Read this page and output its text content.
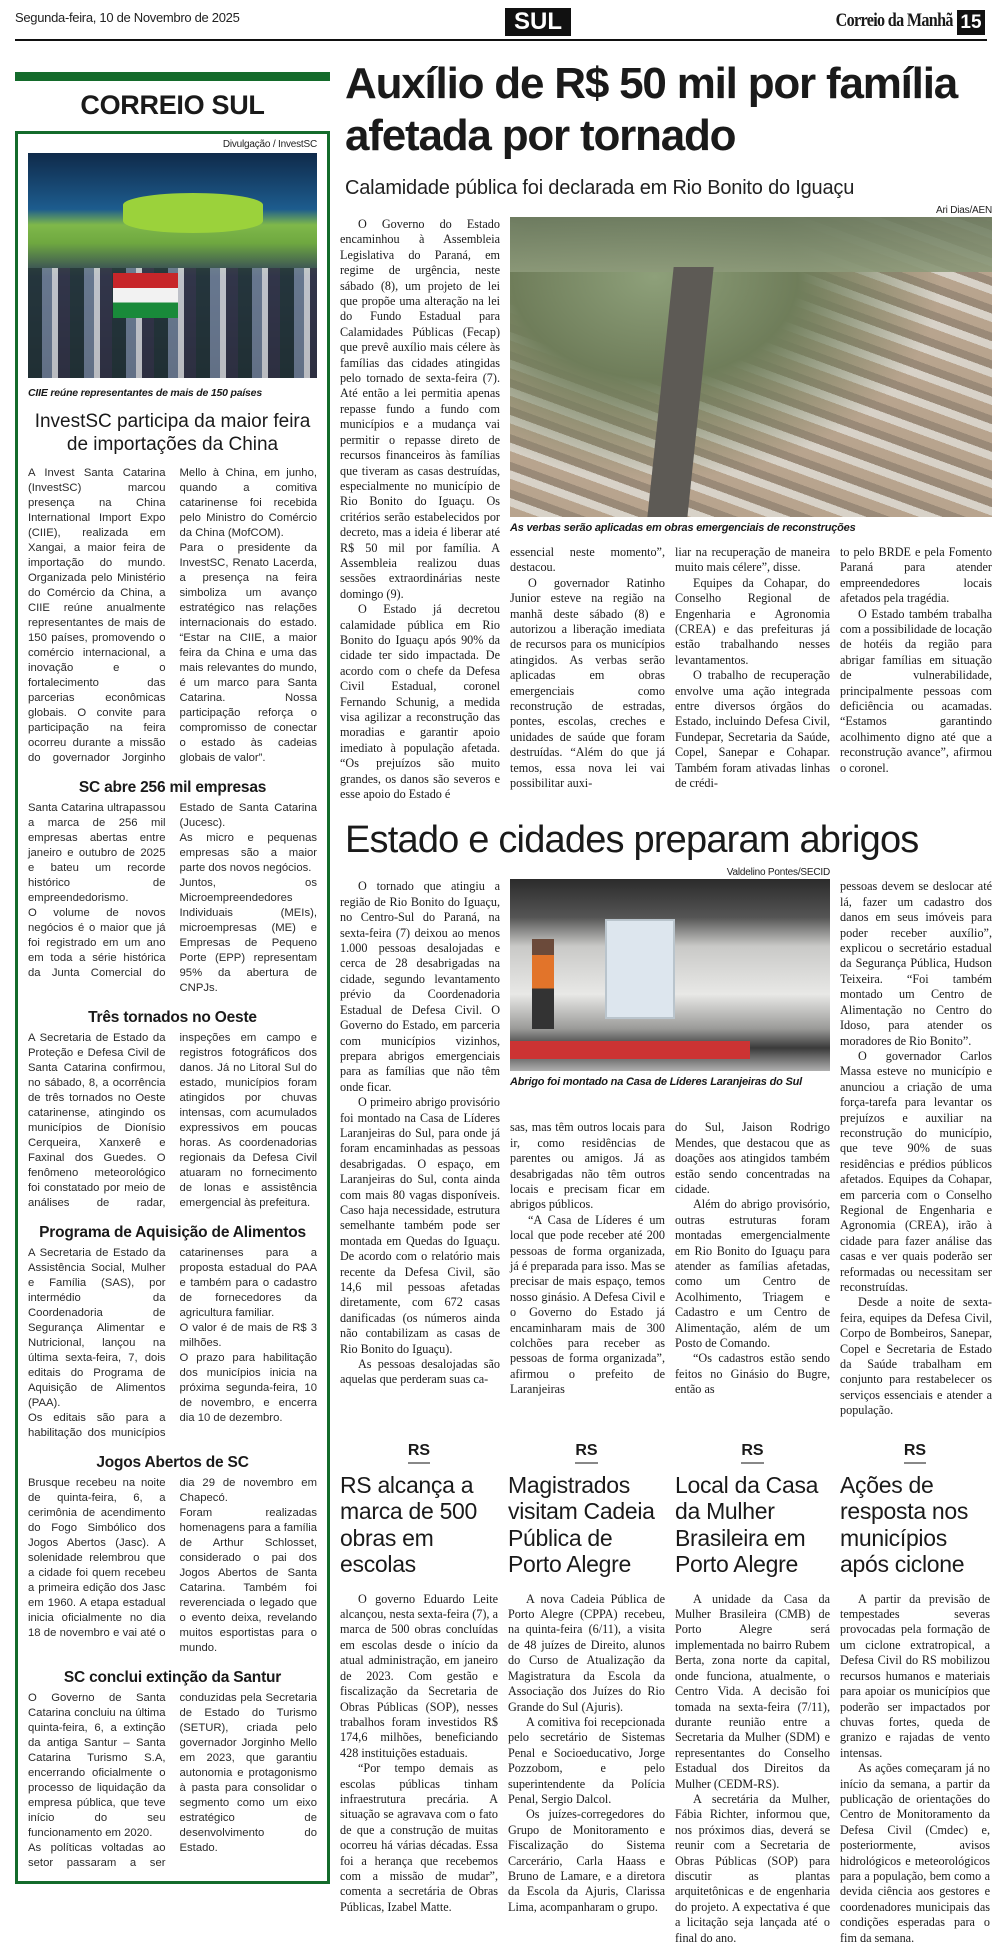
Segunda-feira, 10 de Novembro de 2025	SUL	Correio da Manhã 15
CORREIO SUL
Divulgação / InvestSC
CIIE reúne representantes de mais de 150 países
InvestSC participa da maior feira de importações da China

A Invest Santa Catarina (InvestSC) marcou presença na China International Import Expo (CIIE), realizada em Xangai, a maior feira de importação do mundo. Organizada pelo Ministério do Comércio da China, a CIIE reúne anualmente representantes de mais de 150 países, promovendo o comércio internacional, a inovação e o fortalecimento das parcerias econômicas globais. O convite para participação na feira ocorreu durante a missão do governador Jorginho Mello à China, em junho, quando a comitiva catarinense foi recebida pelo Ministro do Comércio da China (MofCOM).

Para o presidente da InvestSC, Renato Lacerda, a presença na feira simboliza um avanço estratégico nas relações internacionais do estado. “Estar na CIIE, a maior feira da China e uma das mais relevantes do mundo, é um marco para Santa Catarina. Nossa participação reforça o compromisso de conectar o estado às cadeias globais de valor”.

SC abre 256 mil empresas

Santa Catarina ultrapassou a marca de 256 mil empresas abertas entre janeiro e outubro de 2025 e bateu um recorde histórico de empreendedorismo.

O volume de novos negócios é o maior que já foi registrado em um ano em toda a série histórica da Junta Comercial do Estado de Santa Catarina (Jucesc).

As micro e pequenas empresas são a maior parte dos novos negócios.

Juntos, os Microempreendedores Individuais (MEIs), microempresas (ME) e Empresas de Pequeno Porte (EPP) representam 95% da abertura de CNPJs.

Três tornados no Oeste

A Secretaria de Estado da Proteção e Defesa Civil de Santa Catarina confirmou, no sábado, 8, a ocorrência de três tornados no Oeste catarinense, atingindo os municípios de Dionísio Cerqueira, Xanxerê e Faxinal dos Guedes. O fenômeno meteorológico foi constatado por meio de análises de radar, inspeções em campo e registros fotográficos dos danos. Já no Litoral Sul do estado, municípios foram atingidos por chuvas intensas, com acumulados expressivos em poucas horas. As coordenadorias regionais da Defesa Civil atuaram no fornecimento de lonas e assistência emergencial às prefeitura.

Programa de Aquisição de Alimentos

A Secretaria de Estado da Assistência Social, Mulher e Família (SAS), por intermédio da Coordenadoria de Segurança Alimentar e Nutricional, lançou na última sexta-feira, 7, dois editais do Programa de Aquisição de Alimentos (PAA).

Os editais são para a habilitação dos municípios catarinenses para a proposta estadual do PAA e também para o cadastro de fornecedores da agricultura familiar.

O valor é de mais de R$ 3 milhões.

O prazo para habilitação dos municípios inicia na próxima segunda-feira, 10 de novembro, e encerra dia 10 de dezembro.

Jogos Abertos de SC

Brusque recebeu na noite de quinta-feira, 6, a cerimônia de acendimento do Fogo Simbólico dos Jogos Abertos (Jasc). A solenidade relembrou que a cidade foi quem recebeu a primeira edição dos Jasc em 1960. A etapa estadual inicia oficialmente no dia 18 de novembro e vai até o dia 29 de novembro em Chapecó.

Foram realizadas homenagens para a família de Arthur Schlosset, considerado o pai dos Jogos Abertos de Santa Catarina. Também foi reverenciada o legado que o evento deixa, revelando muitos esportistas para o mundo.

SC conclui extinção da Santur

O Governo de Santa Catarina concluiu na última quinta-feira, 6, a extinção da antiga Santur – Santa Catarina Turismo S.A, encerrando oficialmente o processo de liquidação da empresa pública, que teve início do seu funcionamento em 2020.

As políticas voltadas ao setor passaram a ser conduzidas pela Secretaria de Estado do Turismo (SETUR), criada pelo governador Jorginho Mello em 2023, que garantiu autonomia e protagonismo à pasta para consolidar o segmento como um eixo estratégico de desenvolvimento do Estado.

Auxílio de R$ 50 mil por família afetada por tornado
Calamidade pública foi declarada em Rio Bonito do Iguaçu

O Governo do Estado encaminhou à Assembleia Legislativa do Paraná, em regime de urgência, neste sábado (8), um projeto de lei que propõe uma alteração na lei do Fundo Estadual para Calamidades Públicas (Fecap) que prevê auxílio mais célere às famílias das cidades atingidas pelo tornado de sexta-feira (7). Até então a lei permitia apenas repasse fundo a fundo com municípios e a mudança vai permitir o repasse direto de recursos financeiros às famílias que tiveram as casas destruídas, especialmente no município de Rio Bonito do Iguaçu. Os critérios serão estabelecidos por decreto, mas a ideia é liberar até R$ 50 mil por família. A Assembleia realizou duas sessões extraordinárias neste domingo (9).

O Estado já decretou calamidade pública em Rio Bonito do Iguaçu após 90% da cidade ter sido impactada. De acordo com o chefe da Defesa Civil Estadual, coronel Fernando Schunig, a medida visa agilizar a reconstrução das moradias e garantir apoio imediato à população afetada. “Os prejuízos são muito grandes, os danos são severos e esse apoio do Estado é

Ari Dias/AEN
As verbas serão aplicadas em obras emergenciais de reconstruções

essencial neste momento”, destacou.

O governador Ratinho Junior esteve na região na manhã deste sábado (8) e autorizou a liberação imediata de recursos para os municípios atingidos. As verbas serão aplicadas em obras emergenciais como reconstrução de estradas, pontes, escolas, creches e unidades de saúde que foram destruídas. “Além do que já temos, essa nova lei vai possibilitar auxi-

liar na recuperação de maneira muito mais célere”, disse.

Equipes da Cohapar, do Conselho Regional de Engenharia e Agronomia (CREA) e das prefeituras já estão trabalhando nesses levantamentos.

O trabalho de recuperação envolve uma ação integrada entre diversos órgãos do Estado, incluindo Defesa Civil, Fundepar, Secretaria da Saúde, Copel, Sanepar e Cohapar. Também foram ativadas linhas de crédi-

to pelo BRDE e pela Fomento Paraná para atender empreendedores locais afetados pela tragédia.

O Estado também trabalha com a possibilidade de locação de hotéis da região para abrigar famílias em situação de vulnerabilidade, principalmente pessoas com deficiência ou acamadas. “Estamos garantindo acolhimento digno até que a reconstrução avance”, afirmou o coronel.

Estado e cidades preparam abrigos

O tornado que atingiu a região de Rio Bonito do Iguaçu, no Centro-Sul do Paraná, na sexta-feira (7) deixou ao menos 1.000 pessoas desalojadas e cerca de 28 desabrigadas na cidade, segundo levantamento prévio da Coordenadoria Estadual de Defesa Civil. O Governo do Estado, em parceria com municípios vizinhos, prepara abrigos emergenciais para as famílias que não têm onde ficar.

O primeiro abrigo provisório foi montado na Casa de Líderes Laranjeiras do Sul, para onde já foram encaminhadas as pessoas desabrigadas. O espaço, em Laranjeiras do Sul, conta ainda com mais 80 vagas disponíveis. Caso haja necessidade, estrutura semelhante também pode ser montada em Quedas do Iguaçu. De acordo com o relatório mais recente da Defesa Civil, são 14,6 mil pessoas afetadas diretamente, com 672 casas danificadas (os números ainda não contabilizam as casas de Rio Bonito do Iguaçu).

As pessoas desalojadas são aquelas que perderam suas ca-

Valdelino Pontes/SECID
Abrigo foi montado na Casa de Líderes Laranjeiras do Sul

pessoas devem se deslocar até lá, fazer um cadastro dos danos em seus imóveis para poder receber auxílio”, explicou o secretário estadual da Segurança Pública, Hudson Teixeira. “Foi também montado um Centro de Alimentação no Centro do Idoso, para atender os moradores de Rio Bonito”.

O governador Carlos Massa esteve no município e anunciou a criação de uma força-tarefa para levantar os prejuízos e auxiliar na reconstrução do município, que teve 90% de suas residências e prédios públicos afetados. Equipes da Cohapar, em parceria com o Conselho Regional de Engenharia e Agronomia (CREA), irão à cidade para fazer análise das casas e ver quais poderão ser reformadas ou necessitam ser reconstruídas.

Desde a noite de sexta-feira, equipes da Defesa Civil, Corpo de Bombeiros, Sanepar, Copel e Secretaria de Estado da Saúde trabalham em conjunto para restabelecer os serviços essenciais e atender a população.

sas, mas têm outros locais para ir, como residências de parentes ou amigos. Já as desabrigadas não têm outros locais e precisam ficar em abrigos públicos.

“A Casa de Líderes é um local que pode receber até 200 pessoas de forma organizada, já é preparada para isso. Mas se precisar de mais espaço, temos nosso ginásio. A Defesa Civil e o Governo do Estado já encaminharam mais de 300 colchões para receber as pessoas de forma organizada”, afirmou o prefeito de Laranjeiras

do Sul, Jaison Rodrigo Mendes, que destacou que as doações aos atingidos também estão sendo concentradas na cidade.

Além do abrigo provisório, outras estruturas foram montadas emergencialmente em Rio Bonito do Iguaçu para atender as famílias afetadas, como um Centro de Acolhimento, Triagem e Cadastro e um Centro de Alimentação, além de um Posto de Comando.

“Os cadastros estão sendo feitos no Ginásio do Bugre, então as

RS
RS alcança a marca de 500 obras em escolas

O governo Eduardo Leite alcançou, nesta sexta-feira (7), a marca de 500 obras concluídas em escolas desde o início da atual administração, em janeiro de 2023. Com gestão e fiscalização da Secretaria de Obras Públicas (SOP), nesses trabalhos foram investidos R$ 174,6 milhões, beneficiando 428 instituições estaduais.

“Por tempo demais as escolas públicas tinham infraestrutura precária. A situação se agravava com o fato de que a construção de muitas ocorreu há várias décadas. Essa foi a herança que recebemos com a missão de mudar”, comenta a secretária de Obras Públicas, Izabel Matte.

RS
Magistrados visitam Cadeia Pública de Porto Alegre

A nova Cadeia Pública de Porto Alegre (CPPA) recebeu, na quinta-feira (6/11), a visita de 48 juízes de Direito, alunos do Curso de Atualização da Magistratura da Escola da Associação dos Juízes do Rio Grande do Sul (Ajuris).

A comitiva foi recepcionada pelo secretário de Sistemas Penal e Socioeducativo, Jorge Pozzobom, e pelo superintendente da Polícia Penal, Sergio Dalcol.

Os juízes-corregedores do Grupo de Monitoramento e Fiscalização do Sistema Carcerário, Carla Haass e Bruno de Lamare, e a diretora da Escola da Ajuris, Clarissa Lima, acompanharam o grupo.

RS
Local da Casa da Mulher Brasileira em Porto Alegre

A unidade da Casa da Mulher Brasileira (CMB) de Porto Alegre será implementada no bairro Rubem Berta, zona norte da capital, onde funciona, atualmente, o Centro Vida. A decisão foi tomada na sexta-feira (7/11), durante reunião entre a Secretaria da Mulher (SDM) e representantes do Conselho Estadual dos Direitos da Mulher (CEDM-RS).

A secretária da Mulher, Fábia Richter, informou que, nos próximos dias, deverá se reunir com a Secretaria de Obras Públicas (SOP) para discutir as plantas arquitetônicas e de engenharia do projeto. A expectativa é que a licitação seja lançada até o final do ano.

RS
Ações de resposta nos municípios após ciclone

A partir da previsão de tempestades severas provocadas pela formação de um ciclone extratropical, a Defesa Civil do RS mobilizou recursos humanos e materiais para apoiar os municípios que poderão ser impactados por chuvas fortes, queda de granizo e rajadas de vento intensas.

As ações começaram já no início da semana, a partir da publicação de orientações do Centro de Monitoramento da Defesa Civil (Cmdec) e, posteriormente, avisos hidrológicos e meteorológicos para a população, bem como a devida ciência aos gestores e coordenadores municipais das condições esperadas para o fim da semana.
